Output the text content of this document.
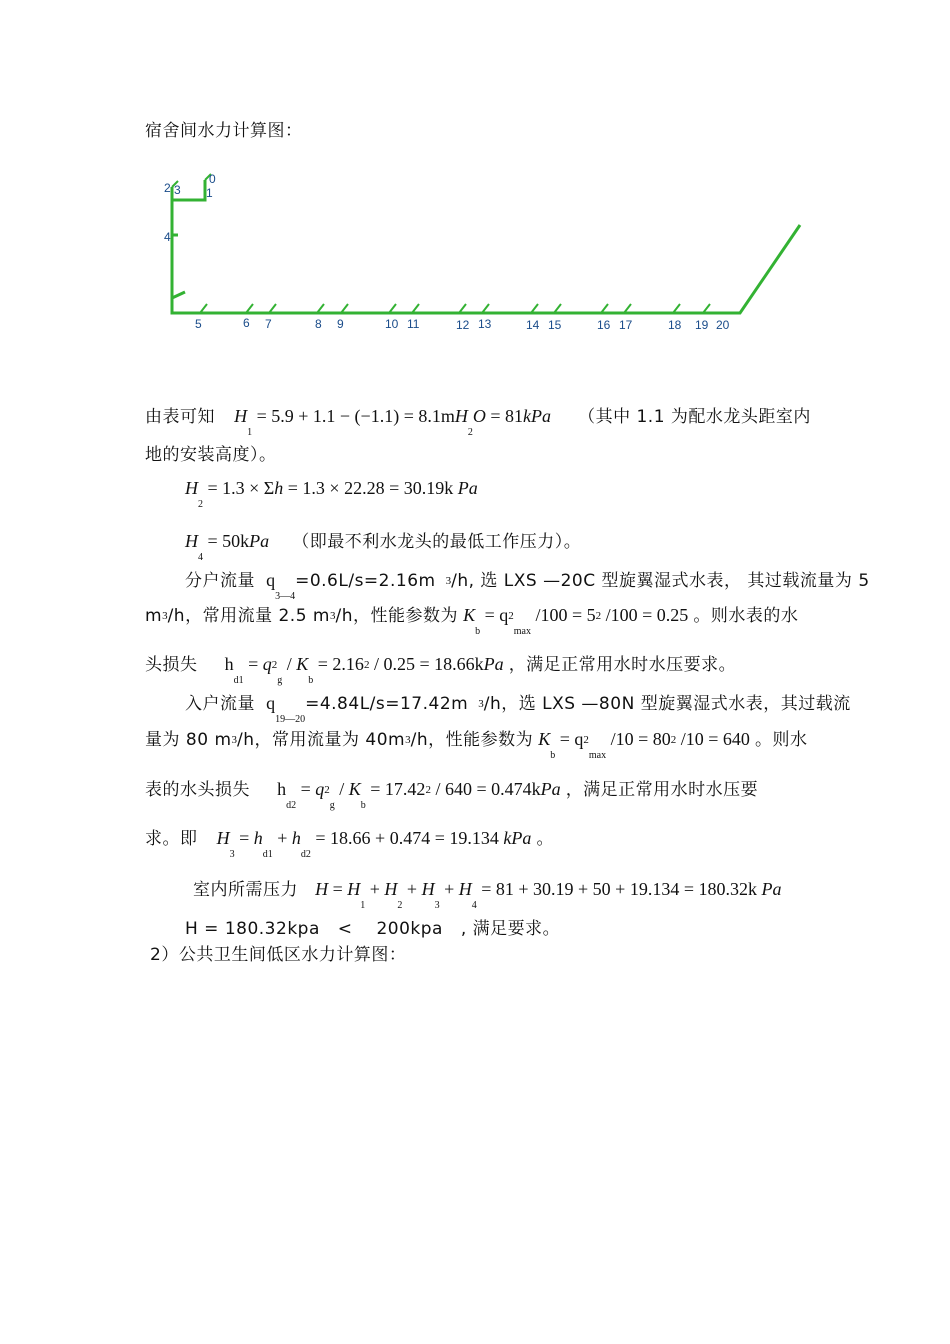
宿舍间水力计算图：
2 3
4
1
0
5	6 7	8 9	10 11	12 13	14 15	16 17	18 19 20
由表可知 $H_1 = 5.9 + 1.1 - (-1.1) = 8.1mH_2O = 81kPa$ （其中 1.1 为配水龙头距室内
地的安装高度）。
$H_2 = 1.3 \times \Sigma h = 1.3 \times 22.28 = 30.19k$ Pa
$H_4 = 50kPa$ （即最不利水龙头的最低工作压力）。
分户流量 $q_{3—4}=0.6L/s=2.16m$ 3/h, 选 LXS —20C 型旋翼湿式水表， 其过载流量为 5
m3/h，常用流量 2.5 m3/h，性能参数为 $K_b = q2_{max}$ /100 = 52 /100 = 0.25 。则水表的水
头损失 $h_{d1} = q2_g / K_b = 2.162 / 0.25 = 18.66kPa$ ，满足正常用水时水压要求。
入户流量 $q_{19—20}=4.84L/s=17.42m$ 3/h，选 LXS —80N 型旋翼湿式水表，其过载流
量为 80 m3/h，常用流量为 40m3/h，性能参数为 $K_b = q2_{max}$ /10 = 802 /10 = 640 。则水
表的水头损失 $h_{d2} = q2_g / K_b = 17.422 / 640 = 0.474kPa$ ，满足正常用水时水压要
求。即 $H_3 = h_{d1} + h_{d2} = 18.66 + 0.474 = 19.134$ kPa 。
室内所需压力 $H = H_1 + H_2 + H_3 + H_4 = 81 + 30.19 + 50 + 19.134 = 180.32k$ Pa
H = 180.32kpa < 200kpa , 满足要求。
2）公共卫生间低区水力计算图：
